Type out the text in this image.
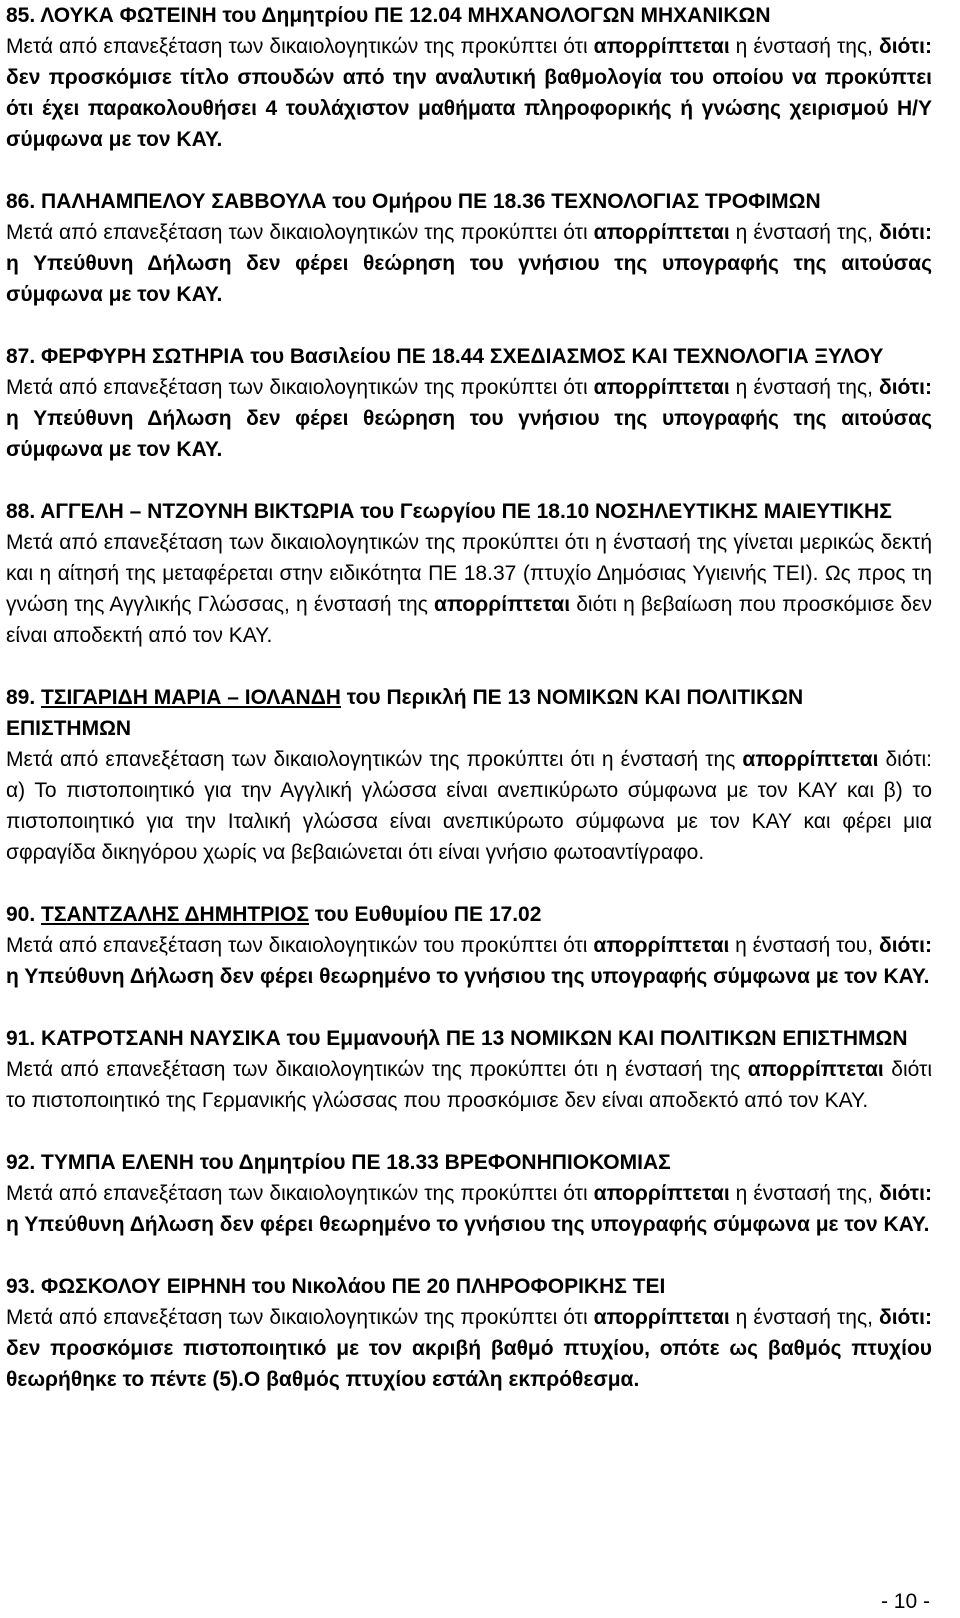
85. ΛΟΥΚΑ ΦΩΤΕΙΝΗ του Δημητρίου ΠΕ 12.04 ΜΗΧΑΝΟΛΟΓΩΝ ΜΗΧΑΝΙΚΩΝ
Μετά από επανεξέταση των δικαιολογητικών της προκύπτει ότι απορρίπτεται η ένστασή της, διότι: δεν προσκόμισε τίτλο σπουδών από την αναλυτική βαθμολογία του οποίου να προκύπτει ότι έχει παρακολουθήσει 4 τουλάχιστον μαθήματα πληροφορικής ή γνώσης χειρισμού Η/Υ σύμφωνα με τον ΚΑΥ.
86. ΠΑΛΗΑΜΠΕΛΟΥ ΣΑΒΒΟΥΛΑ του Ομήρου ΠΕ 18.36 ΤΕΧΝΟΛΟΓΙΑΣ ΤΡΟΦΙΜΩΝ
Μετά από επανεξέταση των δικαιολογητικών της προκύπτει ότι απορρίπτεται η ένστασή της, διότι: η Υπεύθυνη Δήλωση δεν φέρει θεώρηση του γνήσιου της υπογραφής της αιτούσας σύμφωνα με τον ΚΑΥ.
87. ΦΕΡΦΥΡΗ ΣΩΤΗΡΙΑ του Βασιλείου ΠΕ 18.44 ΣΧΕΔΙΑΣΜΟΣ ΚΑΙ ΤΕΧΝΟΛΟΓΙΑ ΞΥΛΟΥ
Μετά από επανεξέταση των δικαιολογητικών της προκύπτει ότι απορρίπτεται η ένστασή της, διότι: η Υπεύθυνη Δήλωση δεν φέρει θεώρηση του γνήσιου της υπογραφής της αιτούσας σύμφωνα με τον ΚΑΥ.
88. ΑΓΓΕΛΗ – ΝΤΖΟΥΝΗ ΒΙΚΤΩΡΙΑ του Γεωργίου ΠΕ 18.10 ΝΟΣΗΛΕΥΤΙΚΗΣ ΜΑΙΕΥΤΙΚΗΣ
Μετά από επανεξέταση των δικαιολογητικών της προκύπτει ότι η ένστασή της γίνεται μερικώς δεκτή και η αίτησή της μεταφέρεται στην ειδικότητα ΠΕ 18.37 (πτυχίο Δημόσιας Υγιεινής ΤΕΙ). Ως προς τη γνώση της Αγγλικής Γλώσσας, η ένστασή της απορρίπτεται διότι η βεβαίωση που προσκόμισε δεν είναι αποδεκτή από τον ΚΑΥ.
89. ΤΣΙΓΑΡΙΔΗ ΜΑΡΙΑ – ΙΟΛΑΝΔΗ του Περικλή ΠΕ 13 ΝΟΜΙΚΩΝ ΚΑΙ ΠΟΛΙΤΙΚΩΝ ΕΠΙΣΤΗΜΩΝ
Μετά από επανεξέταση των δικαιολογητικών της προκύπτει ότι η ένστασή της απορρίπτεται διότι: α) Το πιστοποιητικό για την Αγγλική γλώσσα είναι ανεπικύρωτο σύμφωνα με τον ΚΑΥ και β) το πιστοποιητικό για την Ιταλική γλώσσα είναι ανεπικύρωτο σύμφωνα με τον ΚΑΥ και φέρει μια σφραγίδα δικηγόρου χωρίς να βεβαιώνεται ότι είναι γνήσιο φωτοαντίγραφο.
90. ΤΣΑΝΤΖΑΛΗΣ ΔΗΜΗΤΡΙΟΣ του Ευθυμίου ΠΕ 17.02
Μετά από επανεξέταση των δικαιολογητικών του προκύπτει ότι απορρίπτεται η ένστασή του, διότι: η Υπεύθυνη Δήλωση δεν φέρει θεωρημένο το γνήσιου της υπογραφής σύμφωνα με τον ΚΑΥ.
91. ΚΑΤΡΟΤΣΑΝΗ ΝΑΥΣΙΚΑ του Εμμανουήλ ΠΕ 13 ΝΟΜΙΚΩΝ ΚΑΙ ΠΟΛΙΤΙΚΩΝ ΕΠΙΣΤΗΜΩΝ
Μετά από επανεξέταση των δικαιολογητικών της προκύπτει ότι η ένστασή της απορρίπτεται διότι το πιστοποιητικό της Γερμανικής γλώσσας που προσκόμισε δεν είναι αποδεκτό από τον ΚΑΥ.
92. ΤΥΜΠΑ ΕΛΕΝΗ του Δημητρίου ΠΕ 18.33 ΒΡΕΦΟΝΗΠΙΟΚΟΜΙΑΣ
Μετά από επανεξέταση των δικαιολογητικών της προκύπτει ότι απορρίπτεται η ένστασή της, διότι: η Υπεύθυνη Δήλωση δεν φέρει θεωρημένο το γνήσιου της υπογραφής σύμφωνα με τον ΚΑΥ.
93. ΦΩΣΚΟΛΟΥ ΕΙΡΗΝΗ του Νικολάου ΠΕ 20 ΠΛΗΡΟΦΟΡΙΚΗΣ ΤΕΙ
Μετά από επανεξέταση των δικαιολογητικών της προκύπτει ότι απορρίπτεται η ένστασή της, διότι: δεν προσκόμισε πιστοποιητικό με τον ακριβή βαθμό πτυχίου, οπότε ως βαθμός πτυχίου θεωρήθηκε το πέντε (5).Ο βαθμός πτυχίου εστάλη εκπρόθεσμα.
- 10 -
